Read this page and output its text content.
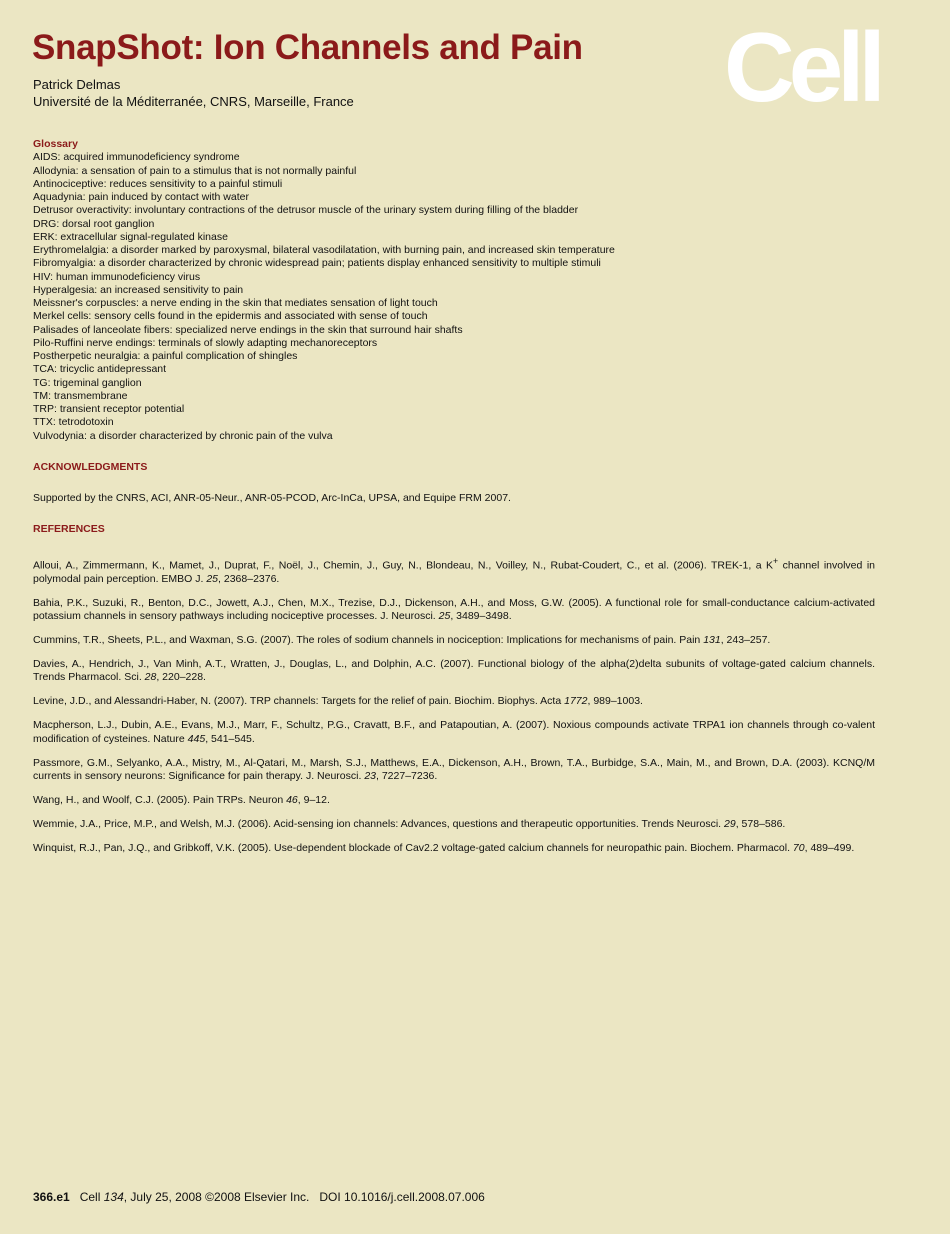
SnapShot: Ion Channels and Pain
Patrick Delmas
Université de la Méditerranée, CNRS, Marseille, France	Cell
Glossary
AIDS: acquired immunodeficiency syndrome
Allodynia: a sensation of pain to a stimulus that is not normally painful
Antinociceptive: reduces sensitivity to a painful stimuli
Aquadynia: pain induced by contact with water
Detrusor overactivity: involuntary contractions of the detrusor muscle of the urinary system during filling of the bladder
DRG: dorsal root ganglion
ERK: extracellular signal-regulated kinase
Erythromelalgia: a disorder marked by paroxysmal, bilateral vasodilatation, with burning pain, and increased skin temperature
Fibromyalgia: a disorder characterized by chronic widespread pain; patients display enhanced sensitivity to multiple stimuli
HIV: human immunodeficiency virus
Hyperalgesia: an increased sensitivity to pain
Meissner's corpuscles: a nerve ending in the skin that mediates sensation of light touch
Merkel cells: sensory cells found in the epidermis and associated with sense of touch
Palisades of lanceolate fibers: specialized nerve endings in the skin that surround hair shafts
Pilo-Ruffini nerve endings: terminals of slowly adapting mechanoreceptors
Postherpetic neuralgia: a painful complication of shingles
TCA: tricyclic antidepressant
TG: trigeminal ganglion
TM: transmembrane
TRP: transient receptor potential
TTX: tetrodotoxin
Vulvodynia: a disorder characterized by chronic pain of the vulva
ACKNOWLEDGMENTS
Supported by the CNRS, ACI, ANR-05-Neur., ANR-05-PCOD, Arc-InCa, UPSA, and Equipe FRM 2007.
REFERENCES

Alloui, A., Zimmermann, K., Mamet, J., Duprat, F., Noël, J., Chemin, J., Guy, N., Blondeau, N., Voilley, N., Rubat-Coudert, C., et al. (2006). TREK-1, a K+ channel involved in polymodal pain perception. EMBO J. 25, 2368–2376.

Bahia, P.K., Suzuki, R., Benton, D.C., Jowett, A.J., Chen, M.X., Trezise, D.J., Dickenson, A.H., and Moss, G.W. (2005). A functional role for small-conductance calcium-activated potassium channels in sensory pathways including nociceptive processes. J. Neurosci. 25, 3489–3498.

Cummins, T.R., Sheets, P.L., and Waxman, S.G. (2007). The roles of sodium channels in nociception: Implications for mechanisms of pain. Pain 131, 243–257.

Davies, A., Hendrich, J., Van Minh, A.T., Wratten, J., Douglas, L., and Dolphin, A.C. (2007). Functional biology of the alpha(2)delta subunits of voltage-gated calcium channels. Trends Pharmacol. Sci. 28, 220–228.

Levine, J.D., and Alessandri-Haber, N. (2007). TRP channels: Targets for the relief of pain. Biochim. Biophys. Acta 1772, 989–1003.

Macpherson, L.J., Dubin, A.E., Evans, M.J., Marr, F., Schultz, P.G., Cravatt, B.F., and Patapoutian, A. (2007). Noxious compounds activate TRPA1 ion channels through co-valent modification of cysteines. Nature 445, 541–545.

Passmore, G.M., Selyanko, A.A., Mistry, M., Al-Qatari, M., Marsh, S.J., Matthews, E.A., Dickenson, A.H., Brown, T.A., Burbidge, S.A., Main, M., and Brown, D.A. (2003). KCNQ/M currents in sensory neurons: Significance for pain therapy. J. Neurosci. 23, 7227–7236.

Wang, H., and Woolf, C.J. (2005). Pain TRPs. Neuron 46, 9–12.

Wemmie, J.A., Price, M.P., and Welsh, M.J. (2006). Acid-sensing ion channels: Advances, questions and therapeutic opportunities. Trends Neurosci. 29, 578–586.

Winquist, R.J., Pan, J.Q., and Gribkoff, V.K. (2005). Use-dependent blockade of Cav2.2 voltage-gated calcium channels for neuropathic pain. Biochem. Pharmacol. 70, 489–499.

366.e1 Cell 134, July 25, 2008 ©2008 Elsevier Inc. DOI 10.1016/j.cell.2008.07.006
